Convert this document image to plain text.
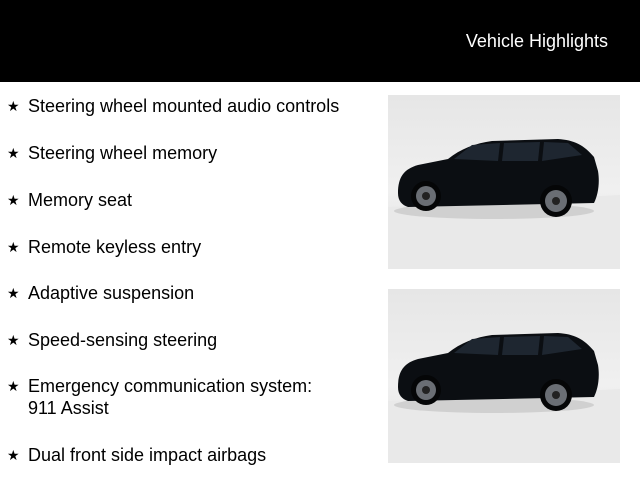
Vehicle Highlights
★ Steering wheel mounted audio controls
★ Steering wheel memory
★ Memory seat
★ Remote keyless entry
★ Adaptive suspension
★ Speed-sensing steering
★ Emergency communication system: 911 Assist
★ Dual front side impact airbags
